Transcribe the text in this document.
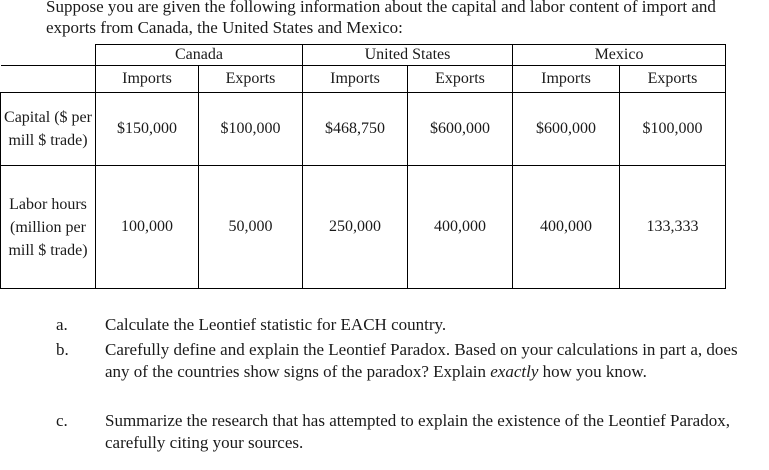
Suppose you are given the following information about the capital and labor content of import and exports from Canada, the United States and Mexico:
	Canada		United States		Mexico	
	Imports	Exports	Imports	Exports	Imports	Exports
Capital ($ per mill $ trade)	$150,000	$100,000	$468,750	$600,000	$600,000	$100,000
Labor hours (million per mill $ trade)	100,000	50,000	250,000	400,000	400,000	133,333
a. Calculate the Leontief statistic for EACH country.
b. Carefully define and explain the Leontief Paradox. Based on your calculations in part a, does any of the countries show signs of the paradox? Explain exactly how you know.
c. Summarize the research that has attempted to explain the existence of the Leontief Paradox, carefully citing your sources.
